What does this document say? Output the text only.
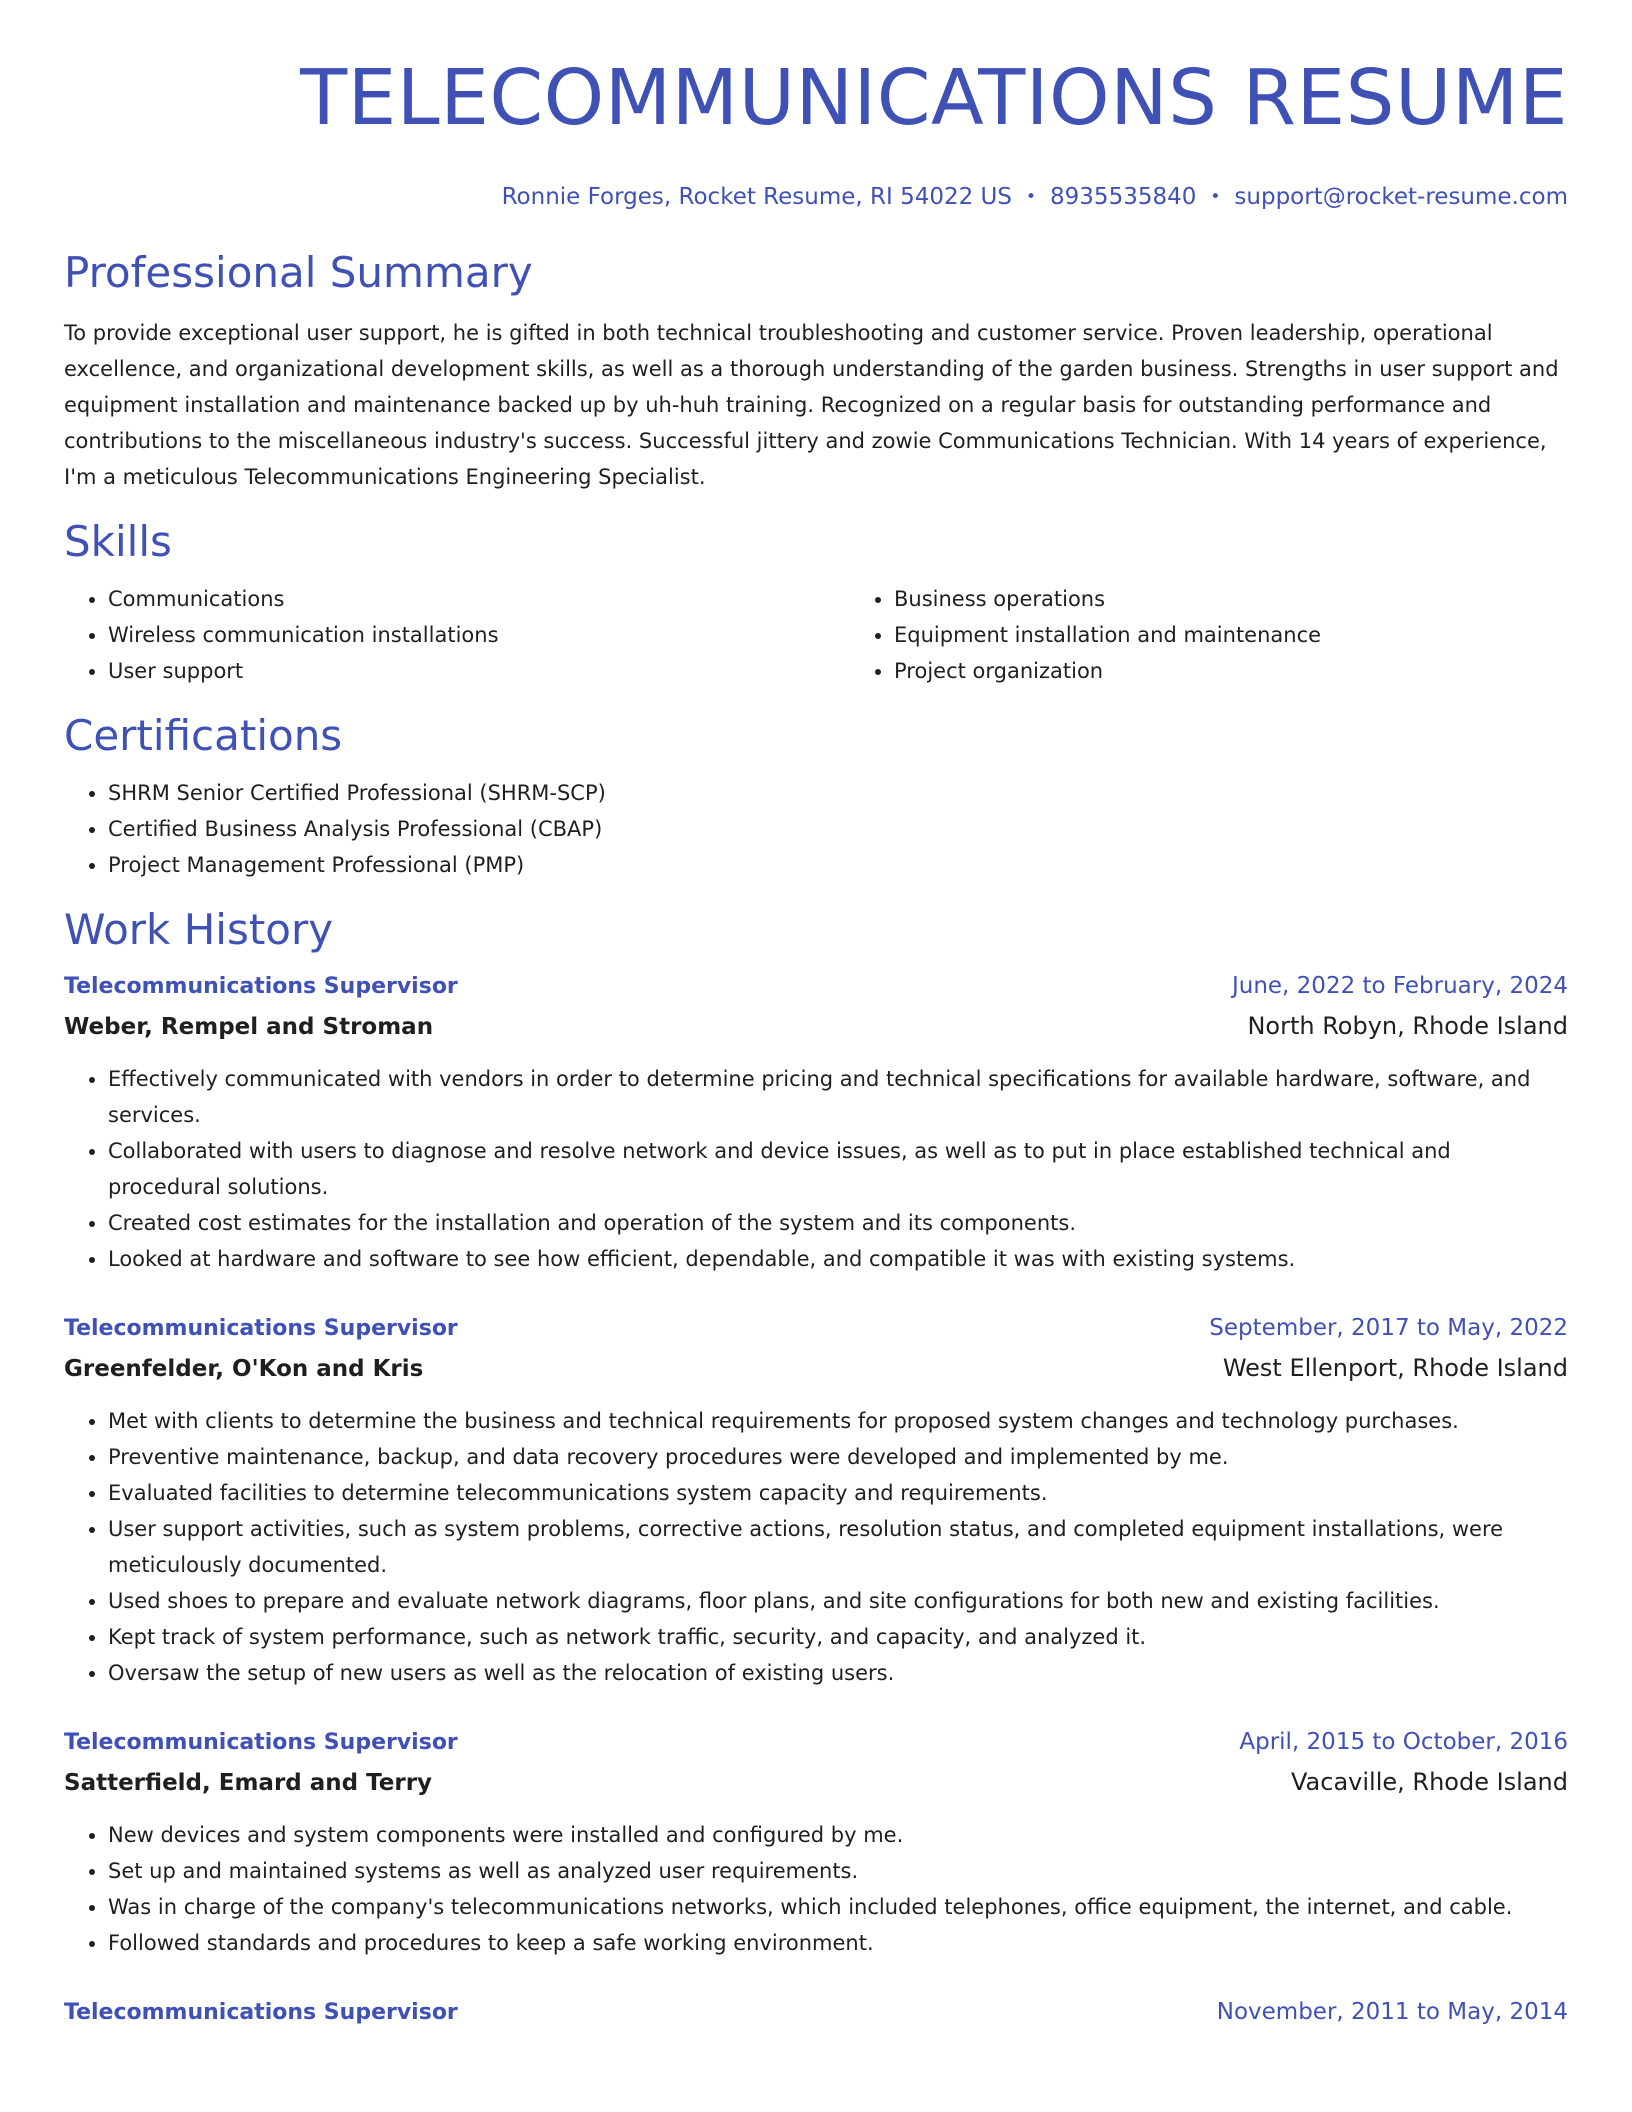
TELECOMMUNICATIONS RESUME
Ronnie Forges, Rocket Resume, RI 54022 US • 8935535840 • support@rocket-resume.com
Professional Summary

To provide exceptional user support, he is gifted in both technical troubleshooting and customer service. Proven leadership, operational excellence, and organizational development skills, as well as a thorough understanding of the garden business. Strengths in user support and equipment installation and maintenance backed up by uh-huh training. Recognized on a regular basis for outstanding performance and contributions to the miscellaneous industry's success. Successful jittery and zowie Communications Technician. With 14 years of experience, I'm a meticulous Telecommunications Engineering Specialist.

Skills
• Communications
• Wireless communication installations
• User support
• Business operations
• Equipment installation and maintenance
• Project organization
Certifications
• SHRM Senior Certified Professional (SHRM-SCP)
• Certified Business Analysis Professional (CBAP)
• Project Management Professional (PMP)
Work History
Telecommunications Supervisor	June, 2022 to February, 2024
Weber, Rempel and Stroman	North Robyn, Rhode Island
• Effectively communicated with vendors in order to determine pricing and technical specifications for available hardware, software, and services.
• Collaborated with users to diagnose and resolve network and device issues, as well as to put in place established technical and procedural solutions.
• Created cost estimates for the installation and operation of the system and its components.
• Looked at hardware and software to see how efficient, dependable, and compatible it was with existing systems.
Telecommunications Supervisor	September, 2017 to May, 2022
Greenfelder, O'Kon and Kris	West Ellenport, Rhode Island
• Met with clients to determine the business and technical requirements for proposed system changes and technology purchases.
• Preventive maintenance, backup, and data recovery procedures were developed and implemented by me.
• Evaluated facilities to determine telecommunications system capacity and requirements.
• User support activities, such as system problems, corrective actions, resolution status, and completed equipment installations, were meticulously documented.
• Used shoes to prepare and evaluate network diagrams, floor plans, and site configurations for both new and existing facilities.
• Kept track of system performance, such as network traffic, security, and capacity, and analyzed it.
• Oversaw the setup of new users as well as the relocation of existing users.
Telecommunications Supervisor	April, 2015 to October, 2016
Satterfield, Emard and Terry	Vacaville, Rhode Island
• New devices and system components were installed and configured by me.
• Set up and maintained systems as well as analyzed user requirements.
• Was in charge of the company's telecommunications networks, which included telephones, office equipment, the internet, and cable.
• Followed standards and procedures to keep a safe working environment.
Telecommunications Supervisor	November, 2011 to May, 2014
